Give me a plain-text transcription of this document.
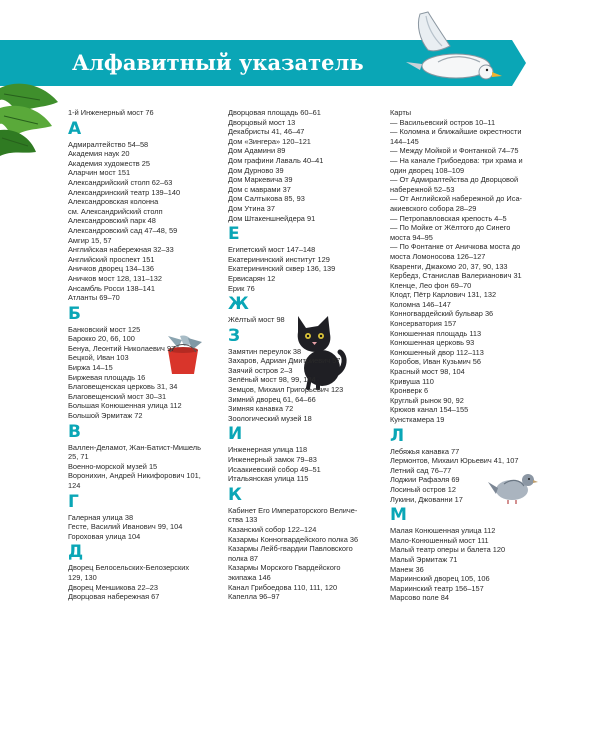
Алфавитный указатель
1-й Инженерный мост 76
А
Адмиралтейство 54–58
Академия наук 20
Академия художеств 25
Аларчин мост 151
Александрийский столп 62–63
Александринский театр 139–140
Александровская колонна
см. Александрийский столп
Александровский парк 48
Александровский сад 47–48, 59
Амгир 15, 57
Английская набережная 32–33
Английский проспект 151
Аничков дворец 134–136
Аничков мост 128, 131–132
Ансамбль Росси 138–141
Атланты 69–70
Б
Банковский мост 125
Барокко 20, 66, 100
Бенуа, Леонтий Николаевич 97
Бецкой, Иван 103
Биржа 14–15
Биржевая площадь 16
Благовещенская церковь 31, 34
Благовещенский мост 30–31
Большая Конюшенная улица 112
Большой Эрмитаж 72
В
Валлен-Деламот, Жан-Батист-Мишель
25, 71
Военно-морской музей 15
Воронихин, Андрей Никифорович 101,
124
Г
Галерная улица 38
Гесте, Василий Иванович 99, 104
Гороховая улица 104
Д
Дворец Белосельских-Белозерских
129, 130
Дворец Меншикова 22–23
Дворцовая набережная 67
Дворцовая площадь 60–61
Дворцовый мост 13
Декабристы 41, 46–47
Дом «Зингера» 120–121
Дом Адамини 89
Дом графини Лаваль 40–41
Дом Дурново 39
Дом Маркевича 39
Дом с маврами 37
Дом Салтыкова 85, 93
Дом Утина 37
Дом Штакеншнейдера 91
Е
Египетский мост 147–148
Екатерининский институт 129
Екатерининский сквер 136, 139
Ервисарян 12
Ерик 76
Ж
Жёлтый мост 98
З
Замятин переулок 38
Захаров, Адриан Дмитриевич 57
Заячий остров 2–3
Зелёный мост 98, 99, 104
Земцов, Михаил Григорьевич 123
Зимний дворец 61, 64–66
Зимняя канавка 72
Зоологический музей 18
И
Инженерная улица 118
Инженерный замок 79–83
Исаакиевский собор 49–51
Итальянская улица 115
К
Кабинет Его Императорского Величе-
ства 133
Казанский собор 122–124
Казармы Конногвардейского полка 36
Казармы Лейб-гвардии Павловского
полка 87
Казармы Морского Гвардейского
экипажа 146
Канал Грибоедова 110, 111, 120
Капелла 96–97
Карты
— Васильевский остров 10–11
— Коломна и ближайшие окрестности
144–145
— Между Мойкой и Фонтанкой 74–75
— На канале Грибоедова: три храма и
один дворец 108–109
— От Адмиралтейства до Дворцовой
набережной 52–53
— От Английской набережной до Иса-
акиевского собора 28–29
— Петропавловская крепость 4–5
— По Мойке от Жёлтого до Синего
моста 94–95
— По Фонтанке от Аничкова моста до
моста Ломоносова 126–127
Кваренги, Джакомо 20, 37, 90, 133
Кербедз, Станислав Валерианович 31
Кленце, Лео фон 69–70
Клодт, Пётр Карлович 131, 132
Коломна 146–147
Конногвардейский бульвар 36
Консерватория 157
Конюшенная площадь 113
Конюшенная церковь 93
Конюшенный двор 112–113
Коробов, Иван Кузьмич 56
Красный мост 98, 104
Кривуша 110
Кронверк 6
Круглый рынок 90, 92
Крюков канал 154–155
Кунсткамера 19
Л
Лебяжья канавка 77
Лермонтов, Михаил Юрьевич 41, 107
Летний сад 76–77
Лоджии Рафаэля 69
Лосиный остров 12
Лукини, Джованни 17
М
Малая Конюшенная улица 112
Мало-Конюшенный мост 111
Малый театр оперы и балета 120
Малый Эрмитаж 71
Манеж 36
Мариинский дворец 105, 106
Мариинский театр 156–157
Марсово поле 84
